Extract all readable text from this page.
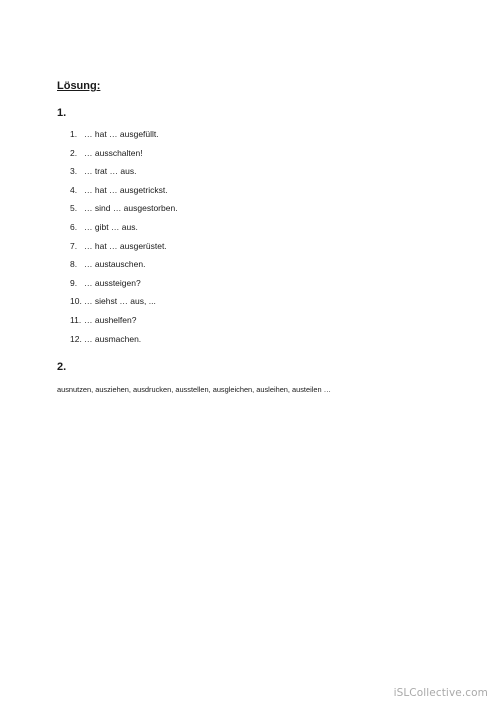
Lösung:
1.
1. … hat … ausgefüllt.
2. … ausschalten!
3. … trat … aus.
4. … hat … ausgetrickst.
5. … sind … ausgestorben.
6. … gibt … aus.
7. … hat … ausgerüstet.
8. … austauschen.
9. … aussteigen?
10. … siehst … aus, ...
11. … aushelfen?
12. … ausmachen.
2.
ausnutzen, ausziehen, ausdrucken, ausstellen, ausgleichen, ausleihen, austeilen …
iSLCollective.com
